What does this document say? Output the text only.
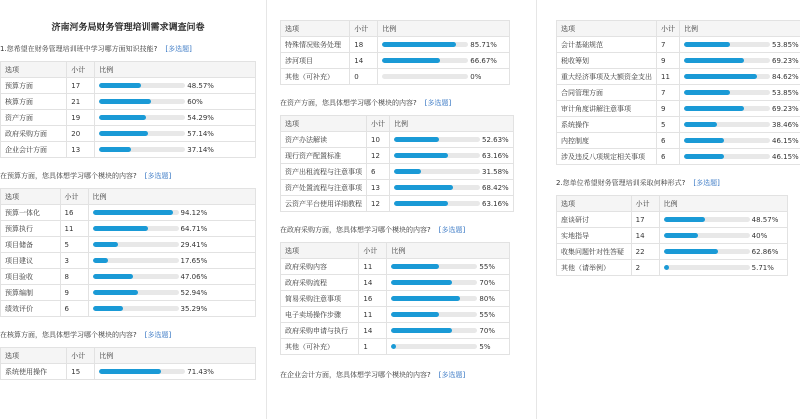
济南河务局财务管理培训需求调查问卷
1.您希望在财务管理培训班中学习哪方面知识技能? [多选题]
选项	小计	比例
预算方面	17	48.57%

核算方面	21	60%

资产方面	19	54.29%

政府采购方面	20	57.14%

企业会计方面	13	37.14%
在预算方面，您具体想学习哪个模块的内容? [多选题]
选项	小计	比例
预算一体化	16	94.12%

预算执行	11	64.71%

项目储备	5	29.41%

项目建议	3	17.65%

项目验收	8	47.06%

预算编制	9	52.94%

绩效评价	6	35.29%
在核算方面，您具体想学习哪个模块的内容? [多选题]
选项	小计	比例
系统使用操作	15	71.43%
选项	小计	比例
特殊情况账务处理	18	85.71%

涉河项目	14	66.67%

其他（可补充）	0	0%
在资产方面，您具体想学习哪个模块的内容? [多选题]
选项	小计	比例
资产办法解读	10	52.63%

现行资产配置标准	12	63.16%

资产出租流程与注意事项	6	31.58%

资产处置流程与注意事项	13	68.42%

云资产平台使用详细教程	12	63.16%
在政府采购方面，您具体想学习哪个模块的内容? [多选题]
选项	小计	比例
政府采购内容	11	55%

政府采购流程	14	70%

简易采购注意事项	16	80%

电子卖场操作步骤	11	55%

政府采购申请与执行	14	70%

其他（可补充）	1	5%
在企业会计方面，您具体想学习哪个模块的内容? [多选题]
选项	小计	比例
会计基础规范	7	53.85%

税收筹划	9	69.23%

重大经济事项及大额资金支出	11	84.62%

合同管理方面	7	53.85%

审计角度讲解注意事项	9	69.23%

系统操作	5	38.46%

内控制度	6	46.15%

涉及违反八项规定相关事项	6	46.15%
2.您单位希望财务管理培训采取何种形式? [多选题]
选项	小计	比例
座谈研讨	17	48.57%

实地指导	14	40%

收集问题针对性答疑	22	62.86%

其他（请举例）	2	5.71%
